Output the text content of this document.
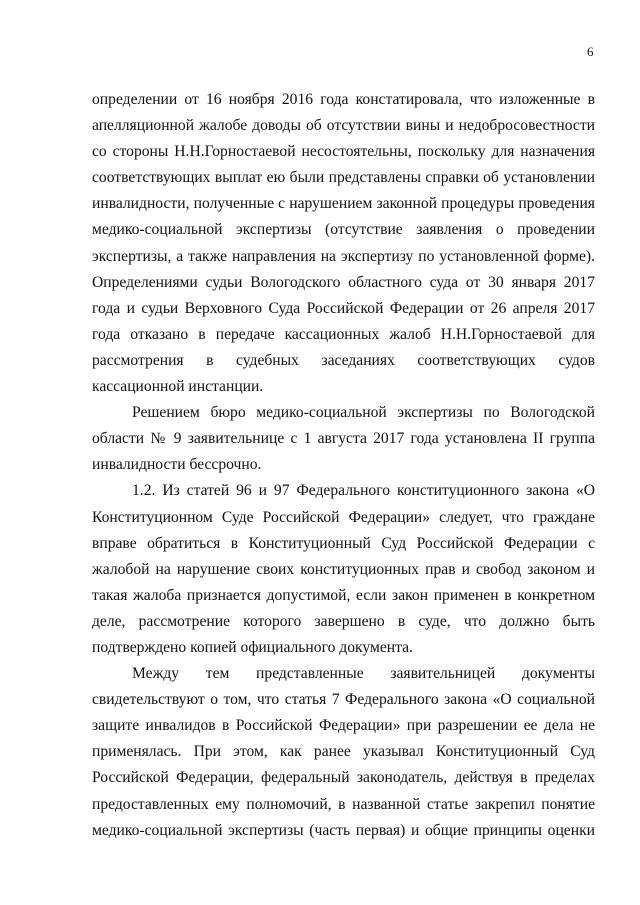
6

определении от 16 ноября 2016 года констатировала, что изложенные в апелляционной жалобе доводы об отсутствии вины и недобросовестности со стороны Н.Н.Горностаевой несостоятельны, поскольку для назначения соответствующих выплат ею были представлены справки об установлении инвалидности, полученные с нарушением законной процедуры проведения медико-социальной экспертизы (отсутствие заявления о проведении экспертизы, а также направления на экспертизу по установленной форме). Определениями судьи Вологодского областного суда от 30 января 2017 года и судьи Верховного Суда Российской Федерации от 26 апреля 2017 года отказано в передаче кассационных жалоб Н.Н.Горностаевой для рассмотрения в судебных заседаниях соответствующих судов кассационной инстанции.

Решением бюро медико-социальной экспертизы по Вологодской области № 9 заявительнице с 1 августа 2017 года установлена II группа инвалидности бессрочно.

1.2. Из статей 96 и 97 Федерального конституционного закона «О Конституционном Суде Российской Федерации» следует, что граждане вправе обратиться в Конституционный Суд Российской Федерации с жалобой на нарушение своих конституционных прав и свобод законом и такая жалоба признается допустимой, если закон применен в конкретном деле, рассмотрение которого завершено в суде, что должно быть подтверждено копией официального документа.

Между тем представленные заявительницей документы свидетельствуют о том, что статья 7 Федерального закона «О социальной защите инвалидов в Российской Федерации» при разрешении ее дела не применялась. При этом, как ранее указывал Конституционный Суд Российской Федерации, федеральный законодатель, действуя в пределах предоставленных ему полномочий, в названной статье закрепил понятие медико-социальной экспертизы (часть первая) и общие принципы оценки
